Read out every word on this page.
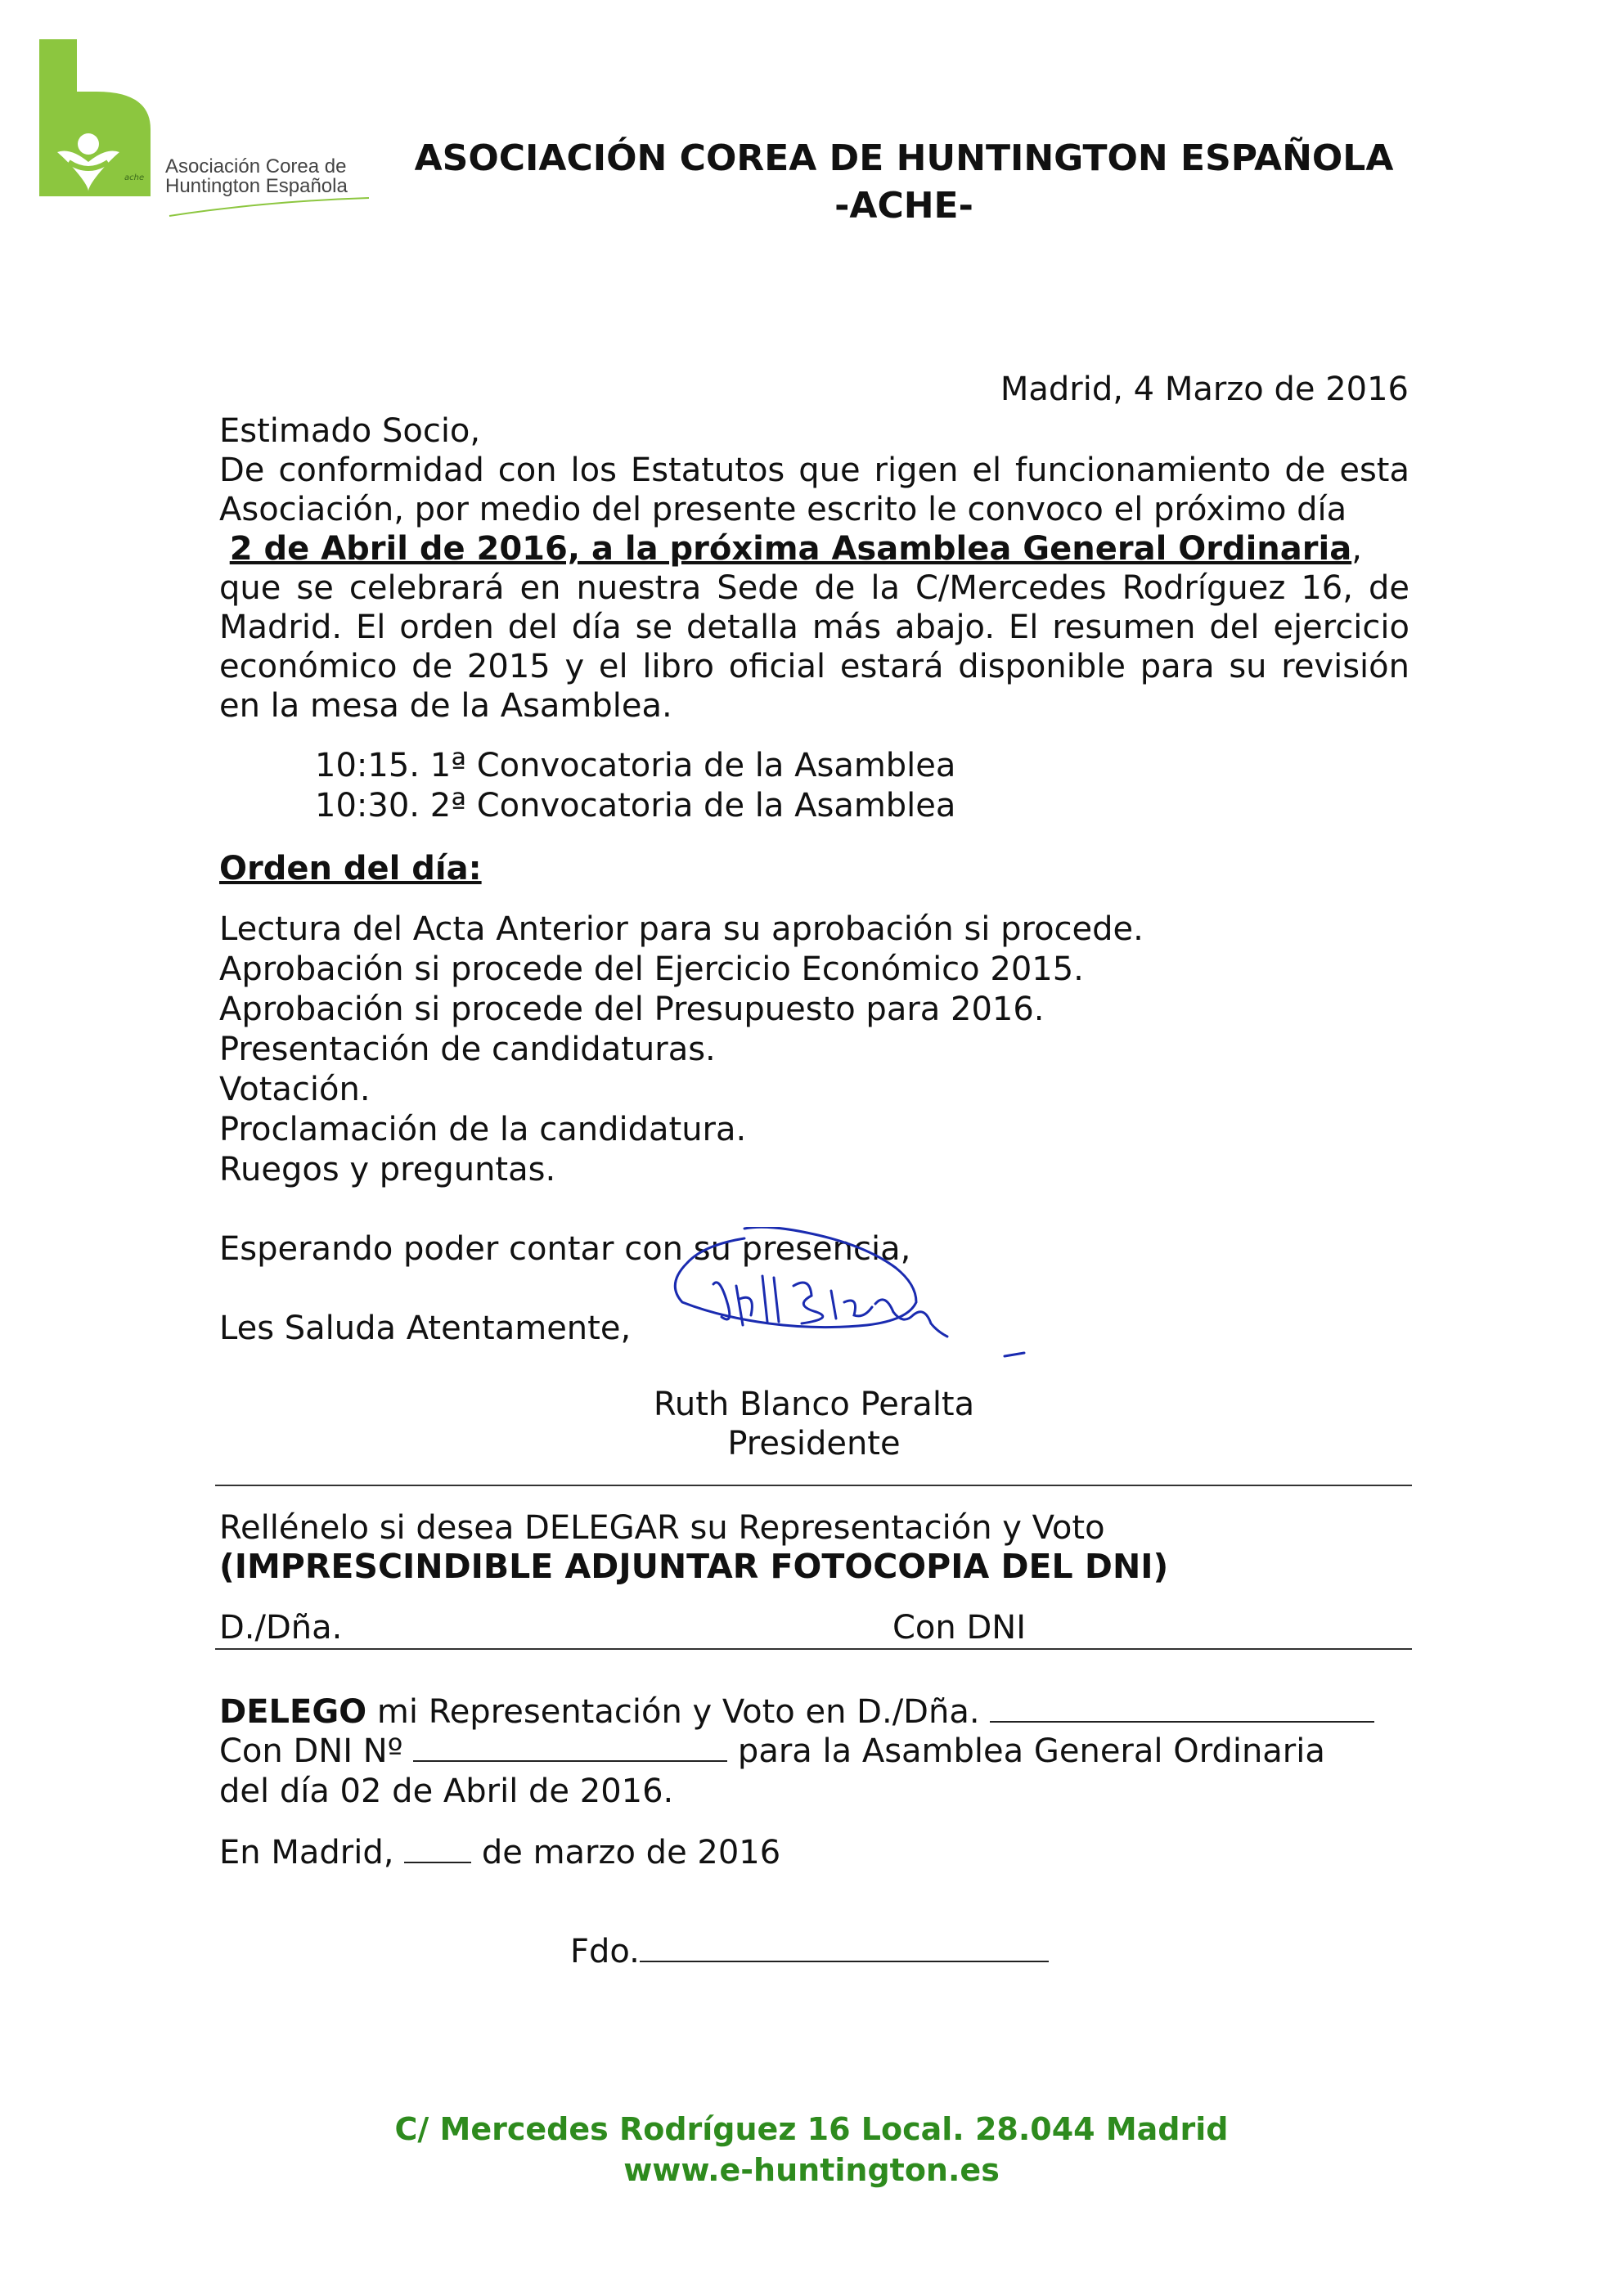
ache
Asociación Corea de
Huntington Española
ASOCIACIÓN COREA DE HUNTINGTON ESPAÑOLA
-ACHE-
Madrid, 4 Marzo de 2016
Estimado Socio,
De conformidad con los Estatutos que rigen el funcionamiento de esta
Asociación, por medio del presente escrito le convoco el próximo día
2 de Abril de 2016, a la próxima Asamblea General Ordinaria,
que se celebrará en nuestra Sede de la C/Mercedes Rodríguez 16, de
Madrid. El orden del día se detalla más abajo. El resumen del ejercicio
económico de 2015 y el libro oficial estará disponible para su revisión
en la mesa de la Asamblea.
10:15. 1ª Convocatoria de la Asamblea
10:30. 2ª Convocatoria de la Asamblea
Orden del día:
Lectura del Acta Anterior para su aprobación si procede.
Aprobación si procede del Ejercicio Económico 2015.
Aprobación si procede del Presupuesto para 2016.
Presentación de candidaturas.
Votación.
Proclamación de la candidatura.
Ruegos y preguntas.
Esperando poder contar con su presencia,
Les Saluda Atentamente,
Ruth Blanco Peralta
Presidente
Rellénelo si desea DELEGAR su Representación y Voto
(IMPRESCINDIBLE ADJUNTAR FOTOCOPIA DEL DNI)
D./Dña.	Con DNI
DELEGO mi Representación y Voto en D./Dña.
Con DNI Nº	para la Asamblea General Ordinaria
del día 02 de Abril de 2016.
En Madrid,	de marzo de 2016
Fdo.
C/ Mercedes Rodríguez 16 Local. 28.044 Madrid
www.e-huntington.es
